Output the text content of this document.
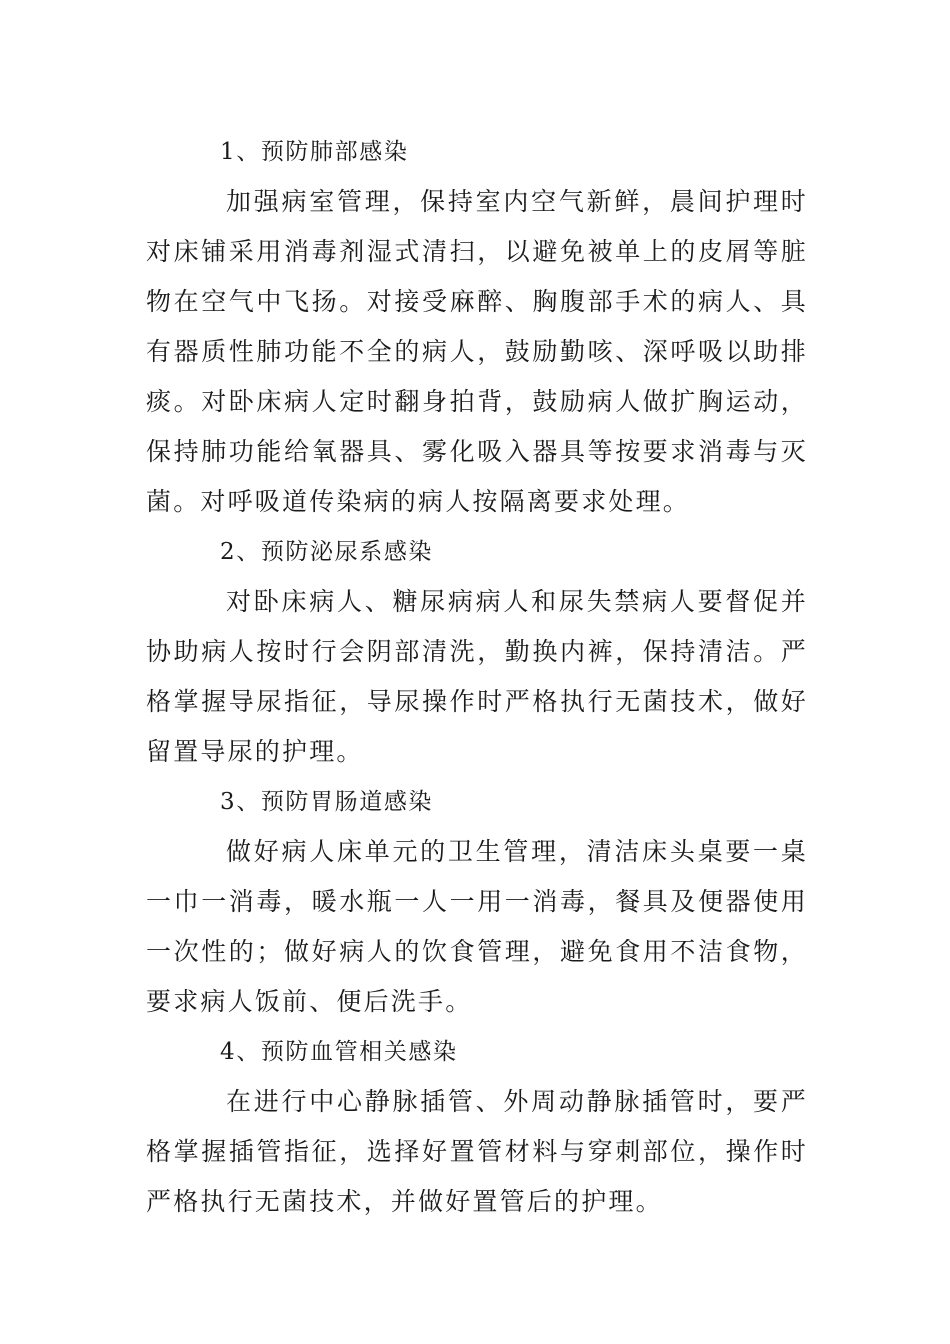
1、预防肺部感染

加强病室管理，保持室内空气新鲜，晨间护理时对床铺采用消毒剂湿式清扫，以避免被单上的皮屑等脏物在空气中飞扬。对接受麻醉、胸腹部手术的病人、具有器质性肺功能不全的病人，鼓励勤咳、深呼吸以助排痰。对卧床病人定时翻身拍背，鼓励病人做扩胸运动，保持肺功能给氧器具、雾化吸入器具等按要求消毒与灭菌。对呼吸道传染病的病人按隔离要求处理。

2、预防泌尿系感染

对卧床病人、糖尿病病人和尿失禁病人要督促并协助病人按时行会阴部清洗，勤换内裤，保持清洁。严格掌握导尿指征，导尿操作时严格执行无菌技术，做好留置导尿的护理。

3、预防胃肠道感染

做好病人床单元的卫生管理，清洁床头桌要一桌一巾一消毒，暖水瓶一人一用一消毒，餐具及便器使用一次性的；做好病人的饮食管理，避免食用不洁食物，要求病人饭前、便后洗手。

4、预防血管相关感染

在进行中心静脉插管、外周动静脉插管时，要严格掌握插管指征，选择好置管材料与穿刺部位，操作时严格执行无菌技术，并做好置管后的护理。
